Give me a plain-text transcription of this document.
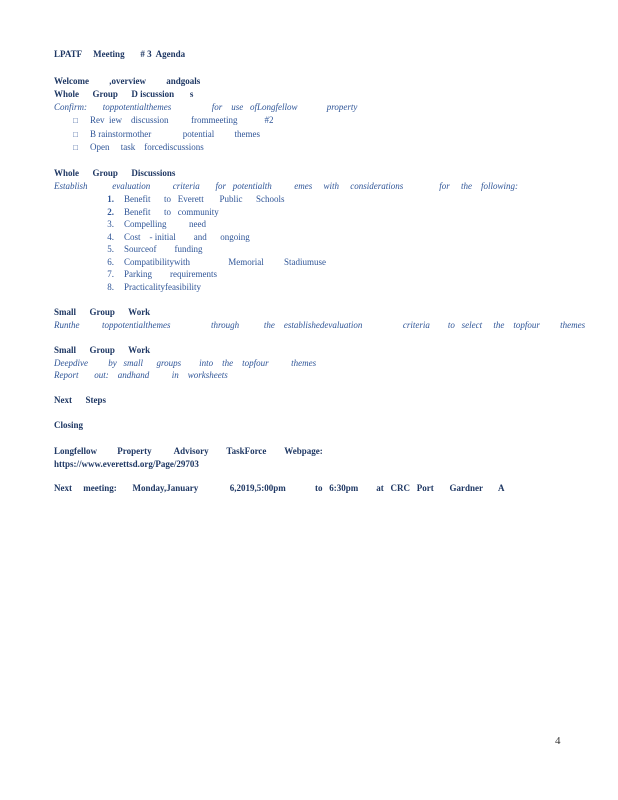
LPATF     Meeting       # 3  Agenda
Welcome         ,overview         andgoals
Whole      Group      D iscussion       s
Confirm:       toppotentialthemes                  for    use   ofLongfellow             property
□	Rev  iew    discussion          frommeeting            #2
□	B rainstormother              potential         themes
□	Open     task    forcediscussions
Whole      Group      Discussions
Establish           evaluation          criteria       for   potentialth          emes     with     considerations                for     the    following:
1.	Benefit      to   Everett       Public      Schools
2.	Benefit      to   community
3.	Compelling          need
4.	Cost    - initial        and      ongoing
5.	Sourceof        funding
6.	Compatibilitywith                 Memorial         Stadiumuse
7.	Parking        requirements
8.	Practicalityfeasibility
Small      Group      Work
Runthe          toppotentialthemes                  through           the    establishedevaluation                  criteria        to   select     the    topfour         themes
Small      Group      Work
Deepdive         by   small      groups        into    the    topfour          themes
Report       out:    andhand          in    worksheets
Next      Steps
Closing
Longfellow         Property          Advisory        TaskForce        Webpage:
https://www.everettsd.org/Page/29703
Next     meeting:       Monday,January              6,2019,5:00pm             to   6:30pm        at   CRC   Port       Gardner       A
4
